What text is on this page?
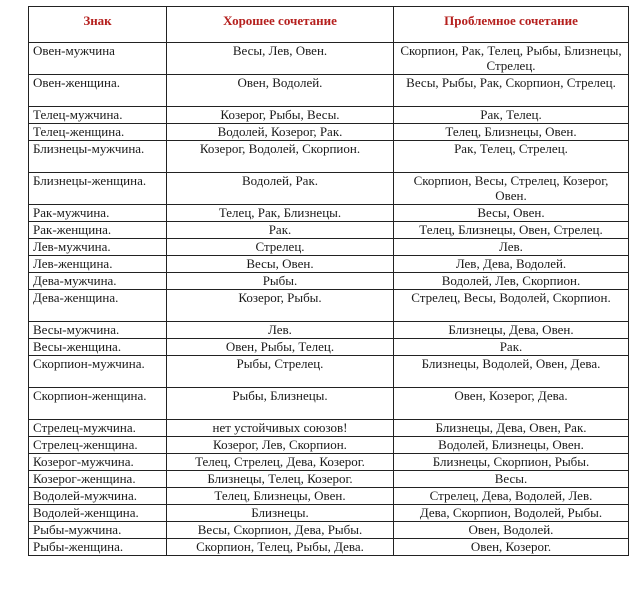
Знак	Хорошее сочетание	Проблемное сочетание
Овен-мужчина	Весы, Лев, Овен.	Скорпион, Рак, Телец, Рыбы, Близнецы, Стрелец.
Овен-женщина.	Овен, Водолей.	Весы, Рыбы, Рак, Скорпион, Стрелец.
Телец-мужчина.	Козерог, Рыбы, Весы.	Рак, Телец.
Телец-женщина.	Водолей, Козерог, Рак.	Телец, Близнецы, Овен.
Близнецы-мужчина.	Козерог, Водолей, Скорпион.	Рак, Телец, Стрелец.
Близнецы-женщина.	Водолей, Рак.	Скорпион, Весы, Стрелец, Козерог, Овен.
Рак-мужчина.	Телец, Рак, Близнецы.	Весы, Овен.
Рак-женщина.	Рак.	Телец, Близнецы, Овен, Стрелец.
Лев-мужчина.	Стрелец.	Лев.
Лев-женщина.	Весы, Овен.	Лев, Дева, Водолей.
Дева-мужчина.	Рыбы.	Водолей, Лев, Скорпион.
Дева-женщина.	Козерог, Рыбы.	Стрелец, Весы, Водолей, Скорпион.
Весы-мужчина.	Лев.	Близнецы, Дева, Овен.
Весы-женщина.	Овен, Рыбы, Телец.	Рак.
Скорпион-мужчина.	Рыбы, Стрелец.	Близнецы, Водолей, Овен, Дева.
Скорпион-женщина.	Рыбы, Близнецы.	Овен, Козерог, Дева.
Стрелец-мужчина.	нет устойчивых союзов!	Близнецы, Дева, Овен, Рак.
Стрелец-женщина.	Козерог, Лев, Скорпион.	Водолей, Близнецы, Овен.
Козерог-мужчина.	Телец, Стрелец, Дева, Козерог.	Близнецы, Скорпион, Рыбы.
Козерог-женщина.	Близнецы, Телец, Козерог.	Весы.
Водолей-мужчина.	Телец, Близнецы, Овен.	Стрелец, Дева, Водолей, Лев.
Водолей-женщина.	Близнецы.	Дева, Скорпион, Водолей, Рыбы.
Рыбы-мужчина.	Весы, Скорпион, Дева, Рыбы.	Овен, Водолей.
Рыбы-женщина.	Скорпион, Телец, Рыбы, Дева.	Овен, Козерог.
